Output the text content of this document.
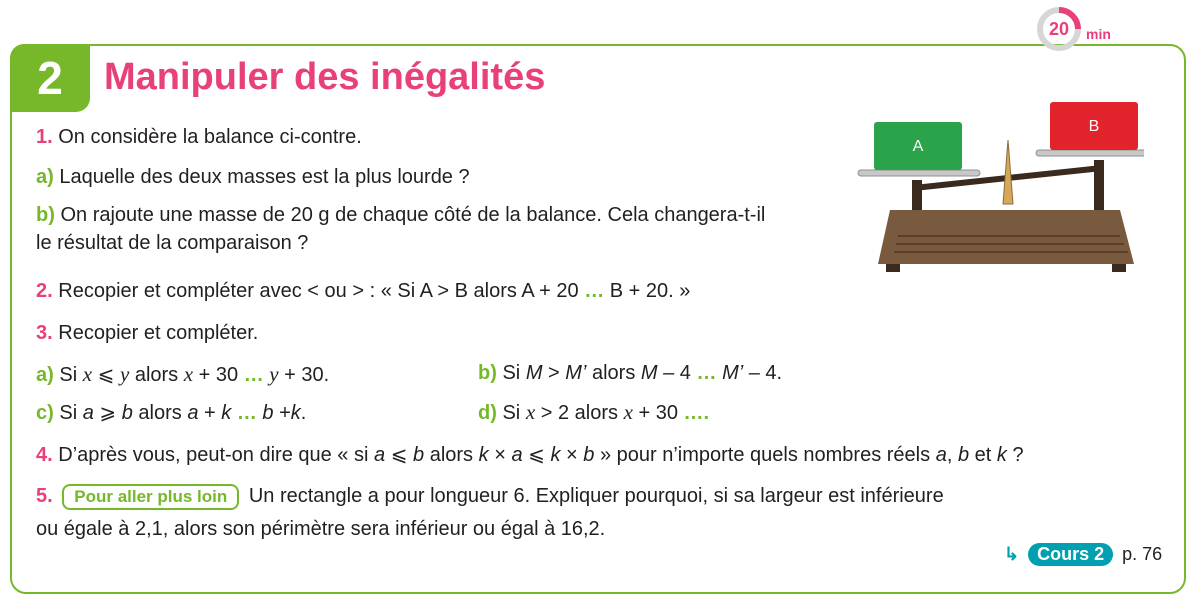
2	Manipuler des inégalités
20	min
1. On considère la balance ci-contre.
a) Laquelle des deux masses est la plus lourde ?
b) On rajoute une masse de 20 g de chaque côté de la balance. Cela changera-t-il
le résultat de la comparaison ?
A
B
2. Recopier et compléter avec < ou > : « Si A > B alors A + 20 … B + 20. »
3. Recopier et compléter.
a) Si x ⩽ y alors x + 30 … y + 30.	b) Si M > M’ alors M – 4 … M’ – 4.
c) Si a ⩾ b alors a + k … b +k.	d) Si x > 2 alors x + 30 ….
4. D’après vous, peut-on dire que « si a ⩽ b alors k × a ⩽ k × b » pour n’importe quels nombres réels a, b et k ?
5. Pour aller plus loin Un rectangle a pour longueur 6. Expliquer pourquoi, si sa largeur est inférieure
ou égale à 2,1, alors son périmètre sera inférieur ou égal à 16,2.
↳ Cours 2 p. 76
